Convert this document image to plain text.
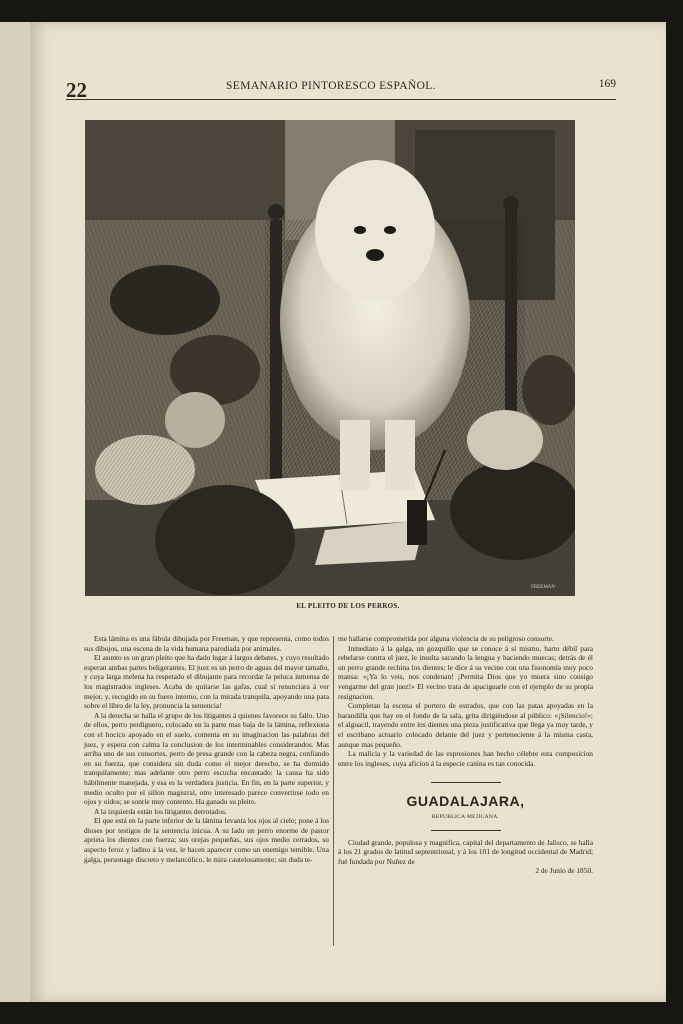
22	SEMANARIO PINTORESCO ESPAÑOL.	169
FREEMAN
EL PLEITO DE LOS PERROS.

Esta lámina es una fábula dibujada por Freeman, y que representa, como todos sus dibujos, una escena de la vida humana parodiada por animales.

El asunto es un gran pleito que ha dado lugar á largos debates, y cuyo resultado esperan ambas partes beligerantes. El juez es un perro de aguas del mayor tamaño, y cuya larga melena ha respetado el dibujante para recordar la peluca inmensa de los magistrados ingleses. Acaba de quitarse las gafas, cual si renunciara á ver mejor, y, recogido en su fuero interno, con la mirada tranquila, apoyando una pata sobre el libro de la ley, pronuncia la sentencia!

A la derecha se halla el grupo de los litigantes á quienes favorece su fallo. Uno de ellos, perro perdiguero, colocado en la parte mas baja de la lámina, reflexiona con el hocico apoyado en el suelo, comenta en su imaginacion las palabras del juez, y espera con calma la conclusion de los interminables considerandos. Mas arriba uno de sus consortes, perro de presa grande con la cabeza negra, confiando en su fuerza, que considera sin duda como el mejor derecho, se ha dormido tranquilamente; mas adelante otro perro escucha encantado: la causa ha sido hábilmente manejada, y esa es la verdadera justicia. En fin, en la parte superior, y medio oculto por el sillon magistral, otro interesado parece convertirse todo en ojos y oidos; se sonrie muy contento. Ha ganado su pleito.

A la izquierda están los litigantes derrotados.

El que está en la parte inferior de la lámina levanta los ojos al cielo; pone á los dioses por testigos de la sentencia inicua. A su lado un perro enorme de pastor aprieta los dientes con fuerza; sus orejas pequeñas, sus ojos medio cerrados, su aspecto feroz y ladino á la vez, le hacen aparecer como un enemigo temible. Una galga, personage discreto y melancólico, le mira cautelosamente; sin duda te-

me hallarse comprometida por alguna violencia de su peligroso consorte.

Inmediato á la galga, un gozquillo que se conoce á sí mismo, harto débil para rebelarse contra el juez, le insulta sacando la lengua y haciendo muecas; detrás de él un perro grande rechina los dientes; le dice á su vecino con una fisonomía muy poco mansa: «¡Ya lo veis, nos condenan! ¡Permita Dios que yo muera sino consigo vengarme del gran juez!» El vecino trata de apaciguarle con el ejemplo de su propia resignacion.

Completan la escena el portero de estrados, que con las patas apoyadas en la barandilla que hay en el fondo de la sala, grita dirigiéndose al público: «¡Silencio!»; el alguacil, trayendo entre los dientes una pieza justificativa que llega ya muy tarde, y el escribano actuario colocado delante del juez y perteneciente á la misma casta, aunque mas pequeño.

La malicia y la variedad de las espresiones han hecho célebre esta composicion entre los ingleses, cuya aficion á la especie canina es tan conocida.

GUADALAJARA,
REPUBLICA MEJICANA.

Ciudad grande, populosa y magnifica, capital del departamento de Jalisco, se halla á los 21 grados de latitud septentrional, y á los 101 de longitud occidental de Madrid; fué fundada por Nuñez de

2 de Junio de 1850.
